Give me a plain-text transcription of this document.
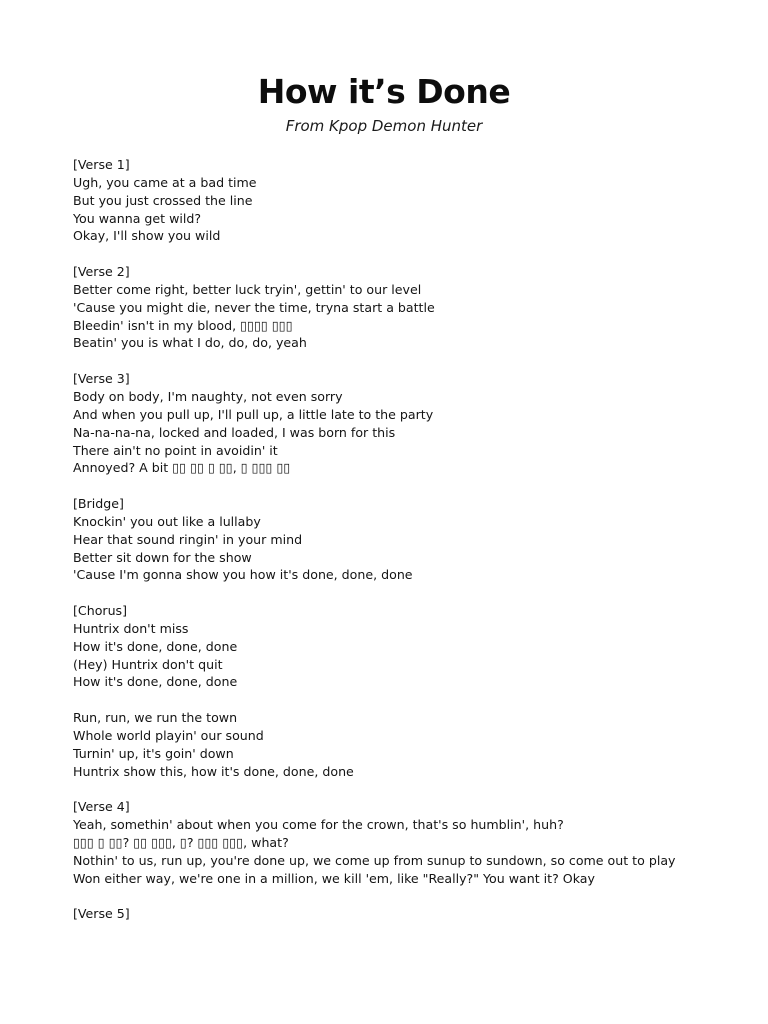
How it’s Done
From Kpop Demon Hunter
[Verse 1]
Ugh, you came at a bad time
But you just crossed the line
You wanna get wild?
Okay, I'll show you wild
[Verse 2]
Better come right, better luck tryin', gettin' to our level
'Cause you might die, never the time, tryna start a battle
Bleedin' isn't in my blood, ▯▯▯▯ ▯▯▯
Beatin' you is what I do, do, do, yeah
[Verse 3]
Body on body, I'm naughty, not even sorry
And when you pull up, I'll pull up, a little late to the party
Na-na-na-na, locked and loaded, I was born for this
There ain't no point in avoidin' it
Annoyed? A bit ▯▯ ▯▯ ▯ ▯▯, ▯ ▯▯▯ ▯▯
[Bridge]
Knockin' you out like a lullaby
Hear that sound ringin' in your mind
Better sit down for the show
'Cause I'm gonna show you how it's done, done, done
[Chorus]
Huntrix don't miss
How it's done, done, done
(Hey) Huntrix don't quit
How it's done, done, done
Run, run, we run the town
Whole world playin' our sound
Turnin' up, it's goin' down
Huntrix show this, how it's done, done, done
[Verse 4]
Yeah, somethin' about when you come for the crown, that's so humblin', huh?
▯▯▯ ▯ ▯▯? ▯▯ ▯▯▯, ▯? ▯▯▯ ▯▯▯, what?
Nothin' to us, run up, you're done up, we come up from sunup to sundown, so come out to play
Won either way, we're one in a million, we kill 'em, like "Really?" You want it? Okay
[Verse 5]
